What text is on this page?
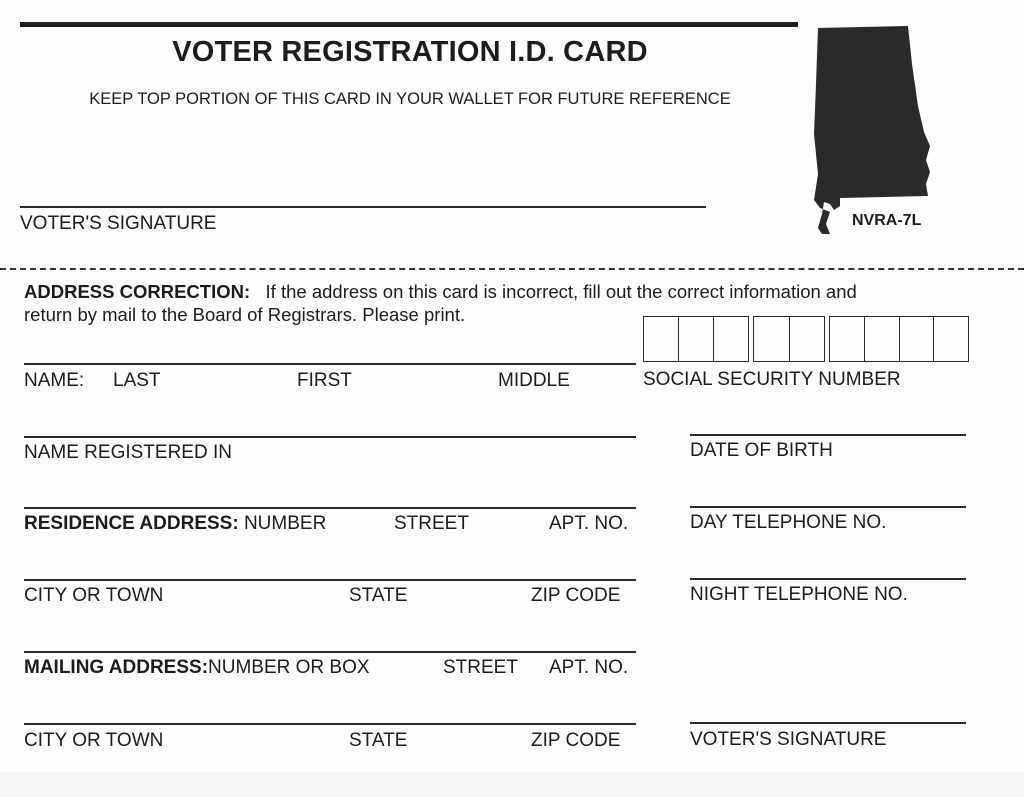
VOTER REGISTRATION I.D. CARD
KEEP TOP PORTION OF THIS CARD IN YOUR WALLET FOR FUTURE REFERENCE
NVRA-7L
VOTER'S SIGNATURE
ADDRESS CORRECTION: If the address on this card is incorrect, fill out the correct information and
return by mail to the Board of Registrars. Please print.
NAME: LAST	FIRST	MIDDLE	SOCIAL SECURITY NUMBER
NAME REGISTERED IN	DATE OF BIRTH
RESIDENCE ADDRESS: NUMBER	STREET	APT. NO.	DAY TELEPHONE NO.
CITY OR TOWN	STATE	ZIP CODE	NIGHT TELEPHONE NO.
MAILING ADDRESS:NUMBER OR BOX	STREET APT. NO.
CITY OR TOWN	STATE	ZIP CODE	VOTER'S SIGNATURE
